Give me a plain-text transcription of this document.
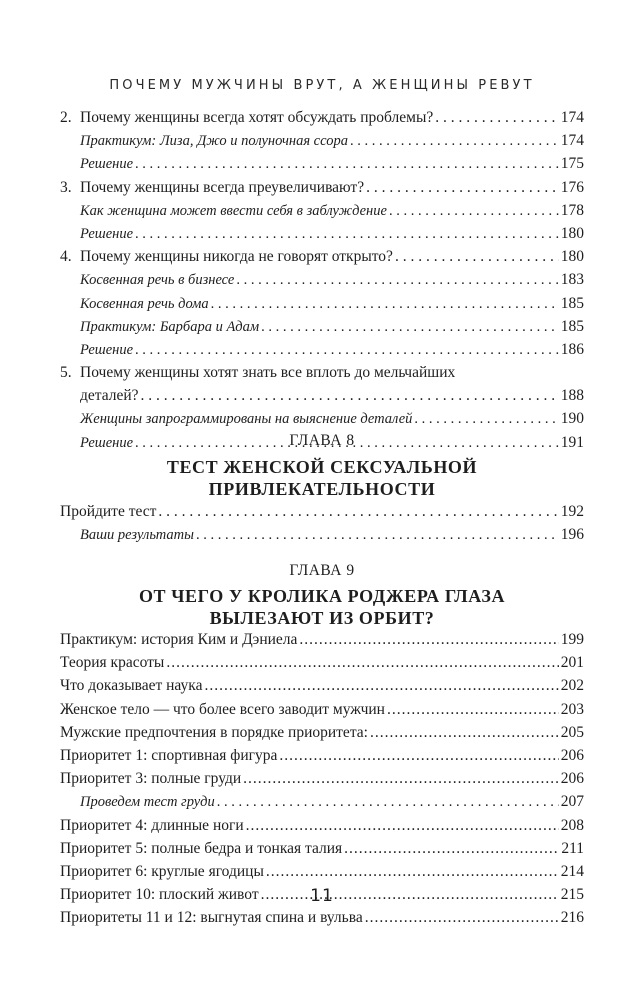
ПОЧЕМУ МУЖЧИНЫ ВРУТ, А ЖЕНЩИНЫ РЕВУТ
2. Почему женщины всегда хотят обсуждать проблемы? . . .	174
Практикум: Лиза, Джо и полуночная ссора . . .	174
Решение . . .	175
3. Почему женщины всегда преувеличивают? . . .	176
Как женщина может ввести себя в заблуждение . . .	178
Решение . . .	180
4. Почему женщины никогда не говорят открыто? . . .	180
Косвенная речь в бизнесе . . .	183
Косвенная речь дома . . .	185
Практикум: Барбара и Адам . . .	185
Решение . . .	186
5. Почему женщины хотят знать все вплоть до мельчайших
деталей? . . .	188
Женщины запрограммированы на выяснение деталей . . .	190
Решение . . .	191
ГЛАВА 8
ТЕСТ ЖЕНСКОЙ СЕКСУАЛЬНОЙ
ПРИВЛЕКАТЕЛЬНОСТИ
Пройдите тест . . .	192
Ваши результаты . . .	196
ГЛАВА 9
ОТ ЧЕГО У КРОЛИКА РОДЖЕРА ГЛАЗА
ВЫЛЕЗАЮТ ИЗ ОРБИТ?
Практикум: история Ким и Дэниела .....	199
Теория красоты .....	201
Что доказывает наука .....	202
Женское тело — что более всего заводит мужчин .....	203
Мужские предпочтения в порядке приоритета: .....	205
Приоритет 1: спортивная фигура .....	206
Приоритет 3: полные груди .....	206
Проведем тест груди . . .	207
Приоритет 4: длинные ноги .....	208
Приоритет 5: полные бедра и тонкая талия .....	211
Приоритет 6: круглые ягодицы .....	214
Приоритет 10: плоский живот .....	215
Приоритеты 11 и 12: выгнутая спина и вульва .....	216
11
